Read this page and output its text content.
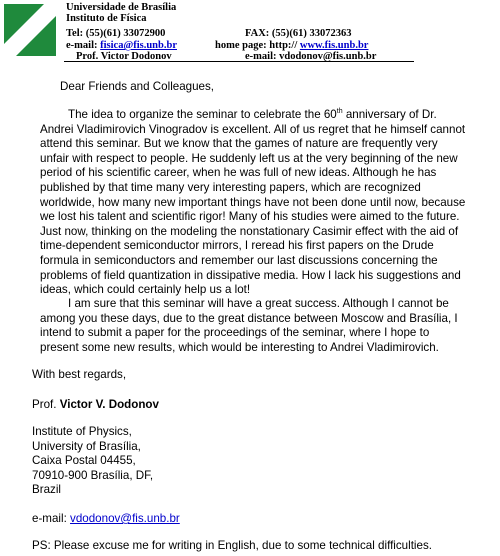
Universidade de Brasília
Instituto de Física
Tel: (55)(61) 33072900	FAX: (55)(61) 33072363
e-mail: fisica@fis.unb.br	home page: http:// www.fis.unb.br
Prof. Victor Dodonov	e-mail: vdodonov@fis.unb.br
Dear Friends and Colleagues,
The idea to organize the seminar to celebrate the 60th anniversary of Dr.
Andrei Vladimirovich Vinogradov is excellent. All of us regret that he himself cannot
attend this seminar. But we know that the games of nature are frequently very
unfair with respect to people. He suddenly left us at the very beginning of the new
period of his scientific career, when he was full of new ideas. Although he has
published by that time many very interesting papers, which are recognized
worldwide, how many new important things have not been done until now, because
we lost his talent and scientific rigor! Many of his studies were aimed to the future.
Just now, thinking on the modeling the nonstationary Casimir effect with the aid of
time-dependent semiconductor mirrors, I reread his first papers on the Drude
formula in semiconductors and remember our last discussions concerning the
problems of field quantization in dissipative media. How I lack his suggestions and
ideas, which could certainly help us a lot!
I am sure that this seminar will have a great success. Although I cannot be
among you these days, due to the great distance between Moscow and Brasília, I
intend to submit a paper for the proceedings of the seminar, where I hope to
present some new results, which would be interesting to Andrei Vladimirovich.
With best regards,
Prof. Victor V. Dodonov
Institute of Physics,
University of Brasília,
Caixa Postal 04455,
70910-900 Brasília, DF,
Brazil
e-mail: vdodonov@fis.unb.br
PS: Please excuse me for writing in English, due to some technical difficulties.
